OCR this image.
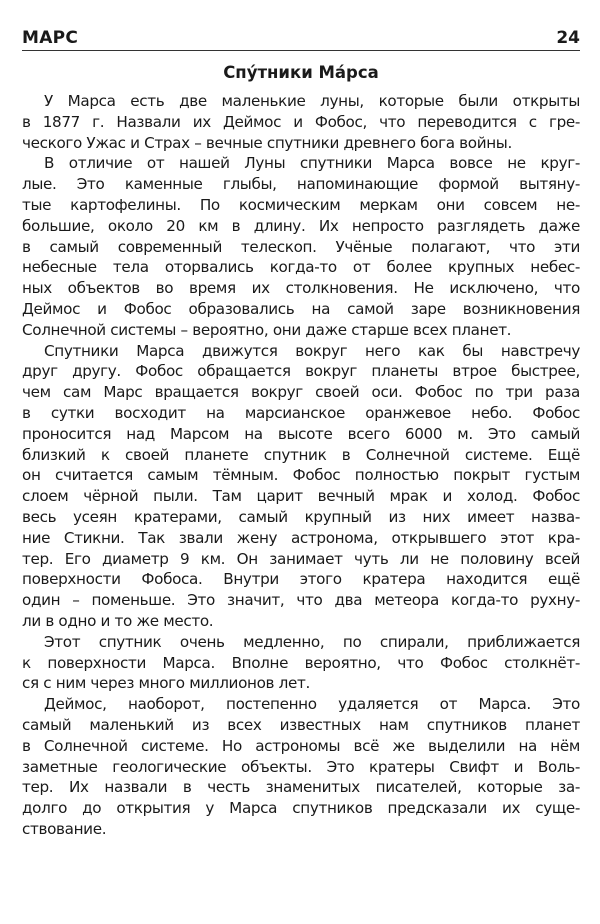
МАРС	24
Спу́тники Ма́рса
У Марса есть две маленькие луны, которые были открыты
в 1877 г. Назвали их Деймос и Фобос, что переводится с гре-
ческого Ужас и Страх – вечные спутники древнего бога войны.
В отличие от нашей Луны спутники Марса вовсе не круг-
лые. Это каменные глыбы, напоминающие формой вытяну-
тые картофелины. По космическим меркам они совсем не-
большие, около 20 км в длину. Их непросто разглядеть даже
в самый современный телескоп. Учёные полагают, что эти
небесные тела оторвались когда-то от более крупных небес-
ных объектов во время их столкновения. Не исключено, что
Деймос и Фобос образовались на самой заре возникновения
Солнечной системы – вероятно, они даже старше всех планет.
Спутники Марса движутся вокруг него как бы навстречу
друг другу. Фобос обращается вокруг планеты втрое быстрее,
чем сам Марс вращается вокруг своей оси. Фобос по три раза
в сутки восходит на марсианское оранжевое небо. Фобос
проносится над Марсом на высоте всего 6000 м. Это самый
близкий к своей планете спутник в Солнечной системе. Ещё
он считается самым тёмным. Фобос полностью покрыт густым
слоем чёрной пыли. Там царит вечный мрак и холод. Фобос
весь усеян кратерами, самый крупный из них имеет назва-
ние Стикни. Так звали жену астронома, открывшего этот кра-
тер. Его диаметр 9 км. Он занимает чуть ли не половину всей
поверхности Фобоса. Внутри этого кратера находится ещё
один – поменьше. Это значит, что два метеора когда-то рухну-
ли в одно и то же место.
Этот спутник очень медленно, по спирали, приближается
к поверхности Марса. Вполне вероятно, что Фобос столкнёт-
ся с ним через много миллионов лет.
Деймос, наоборот, постепенно удаляется от Марса. Это
самый маленький из всех известных нам спутников планет
в Солнечной системе. Но астрономы всё же выделили на нём
заметные геологические объекты. Это кратеры Свифт и Воль-
тер. Их назвали в честь знаменитых писателей, которые за-
долго до открытия у Марса спутников предсказали их суще-
ствование.
